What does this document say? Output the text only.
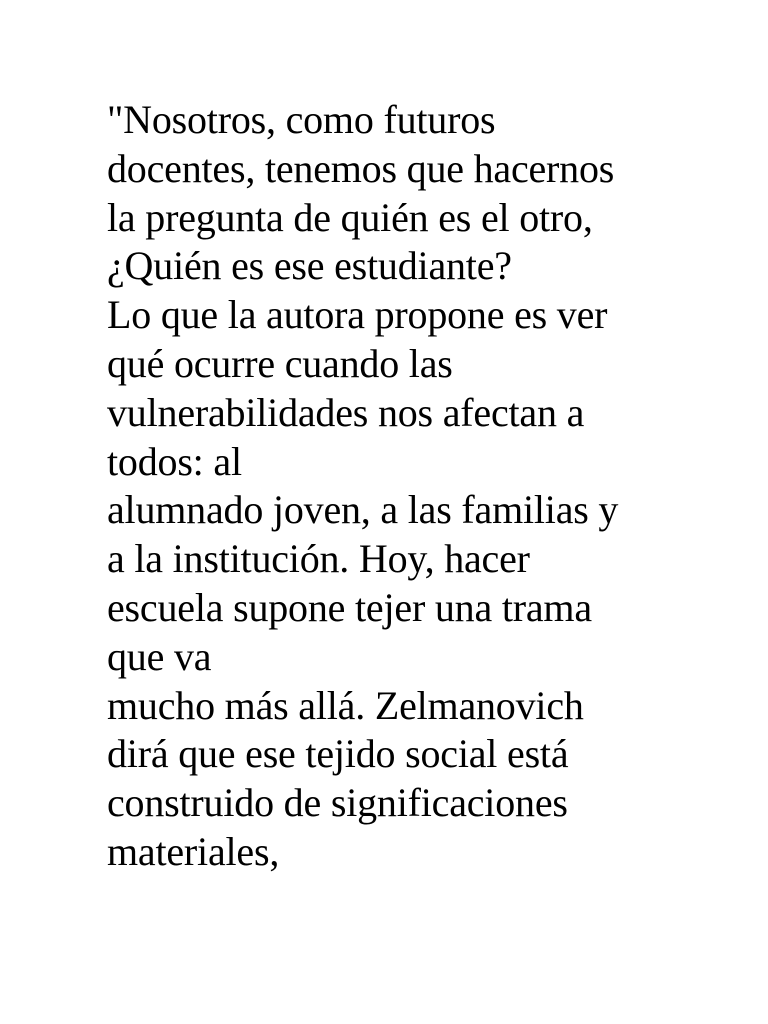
"Nosotros, como futuros
docentes, tenemos que hacernos
la pregunta de quién es el otro,
¿Quién es ese estudiante?
Lo que la autora propone es ver
qué ocurre cuando las
vulnerabilidades nos afectan a
todos: al
alumnado joven, a las familias y
a la institución. Hoy, hacer
escuela supone tejer una trama
que va
mucho más allá. Zelmanovich
dirá que ese tejido social está
construido de significaciones
materiales,
